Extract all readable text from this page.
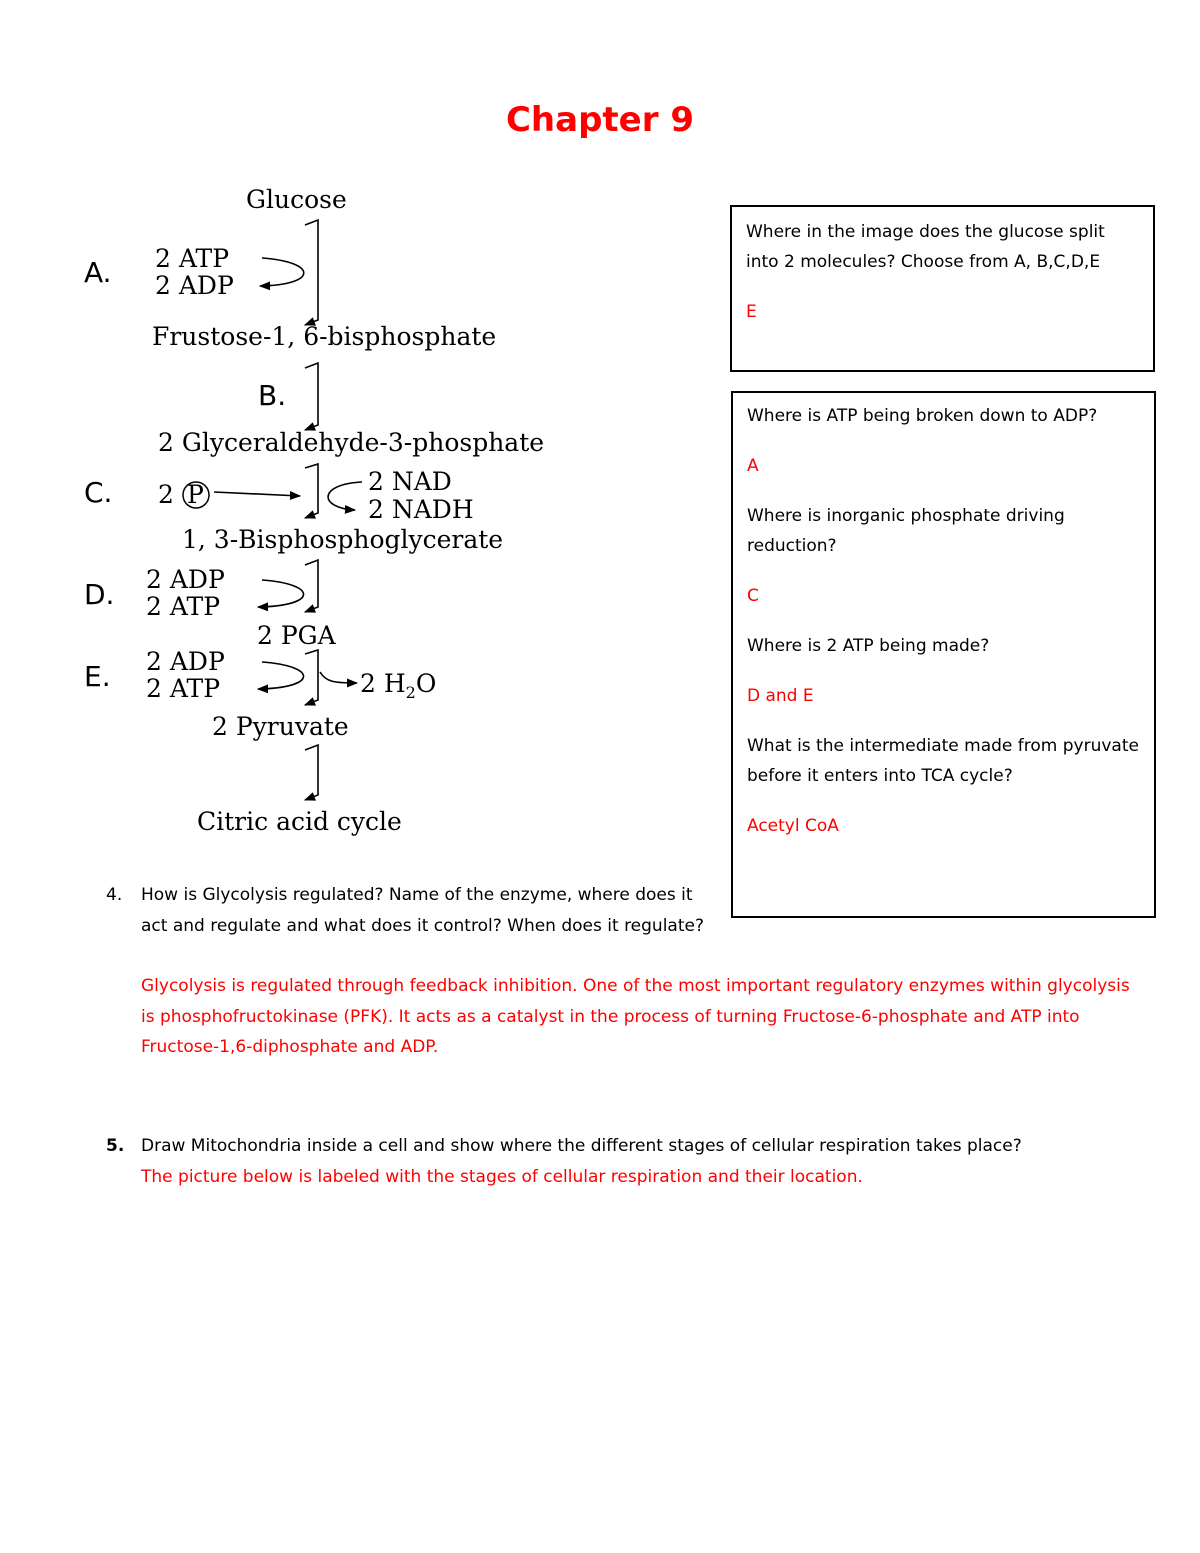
Chapter 9
Glucose
A. 2 ATP
2 ADP
Frustose-1, 6-bisphosphate
B.
2 Glyceraldehyde-3-phosphate
C. 2 P	2 NAD
2 NADH
1, 3-Bisphosphoglycerate
D. 2 ADP
2 ATP
2 PGA
E. 2 ADP
2 ATP	2 $H_2O$
2 Pyruvate
Citric acid cycle

Where in the image does the glucose split into 2 molecules? Choose from A, B,C,D,E

E

Where is ATP being broken down to ADP?

A

Where is inorganic phosphate driving reduction?

C

Where is 2 ATP being made?

D and E

What is the intermediate made from pyruvate before it enters into TCA cycle?

Acetyl CoA

4. How is Glycolysis regulated? Name of the enzyme, where does it act and regulate and what does it control? When does it regulate?
Glycolysis is regulated through feedback inhibition. One of the most important regulatory enzymes within glycolysis is phosphofructokinase (PFK). It acts as a catalyst in the process of turning Fructose-6-phosphate and ATP into Fructose-1,6-diphosphate and ADP.
5. Draw Mitochondria inside a cell and show where the different stages of cellular respiration takes place?
The picture below is labeled with the stages of cellular respiration and their location.
